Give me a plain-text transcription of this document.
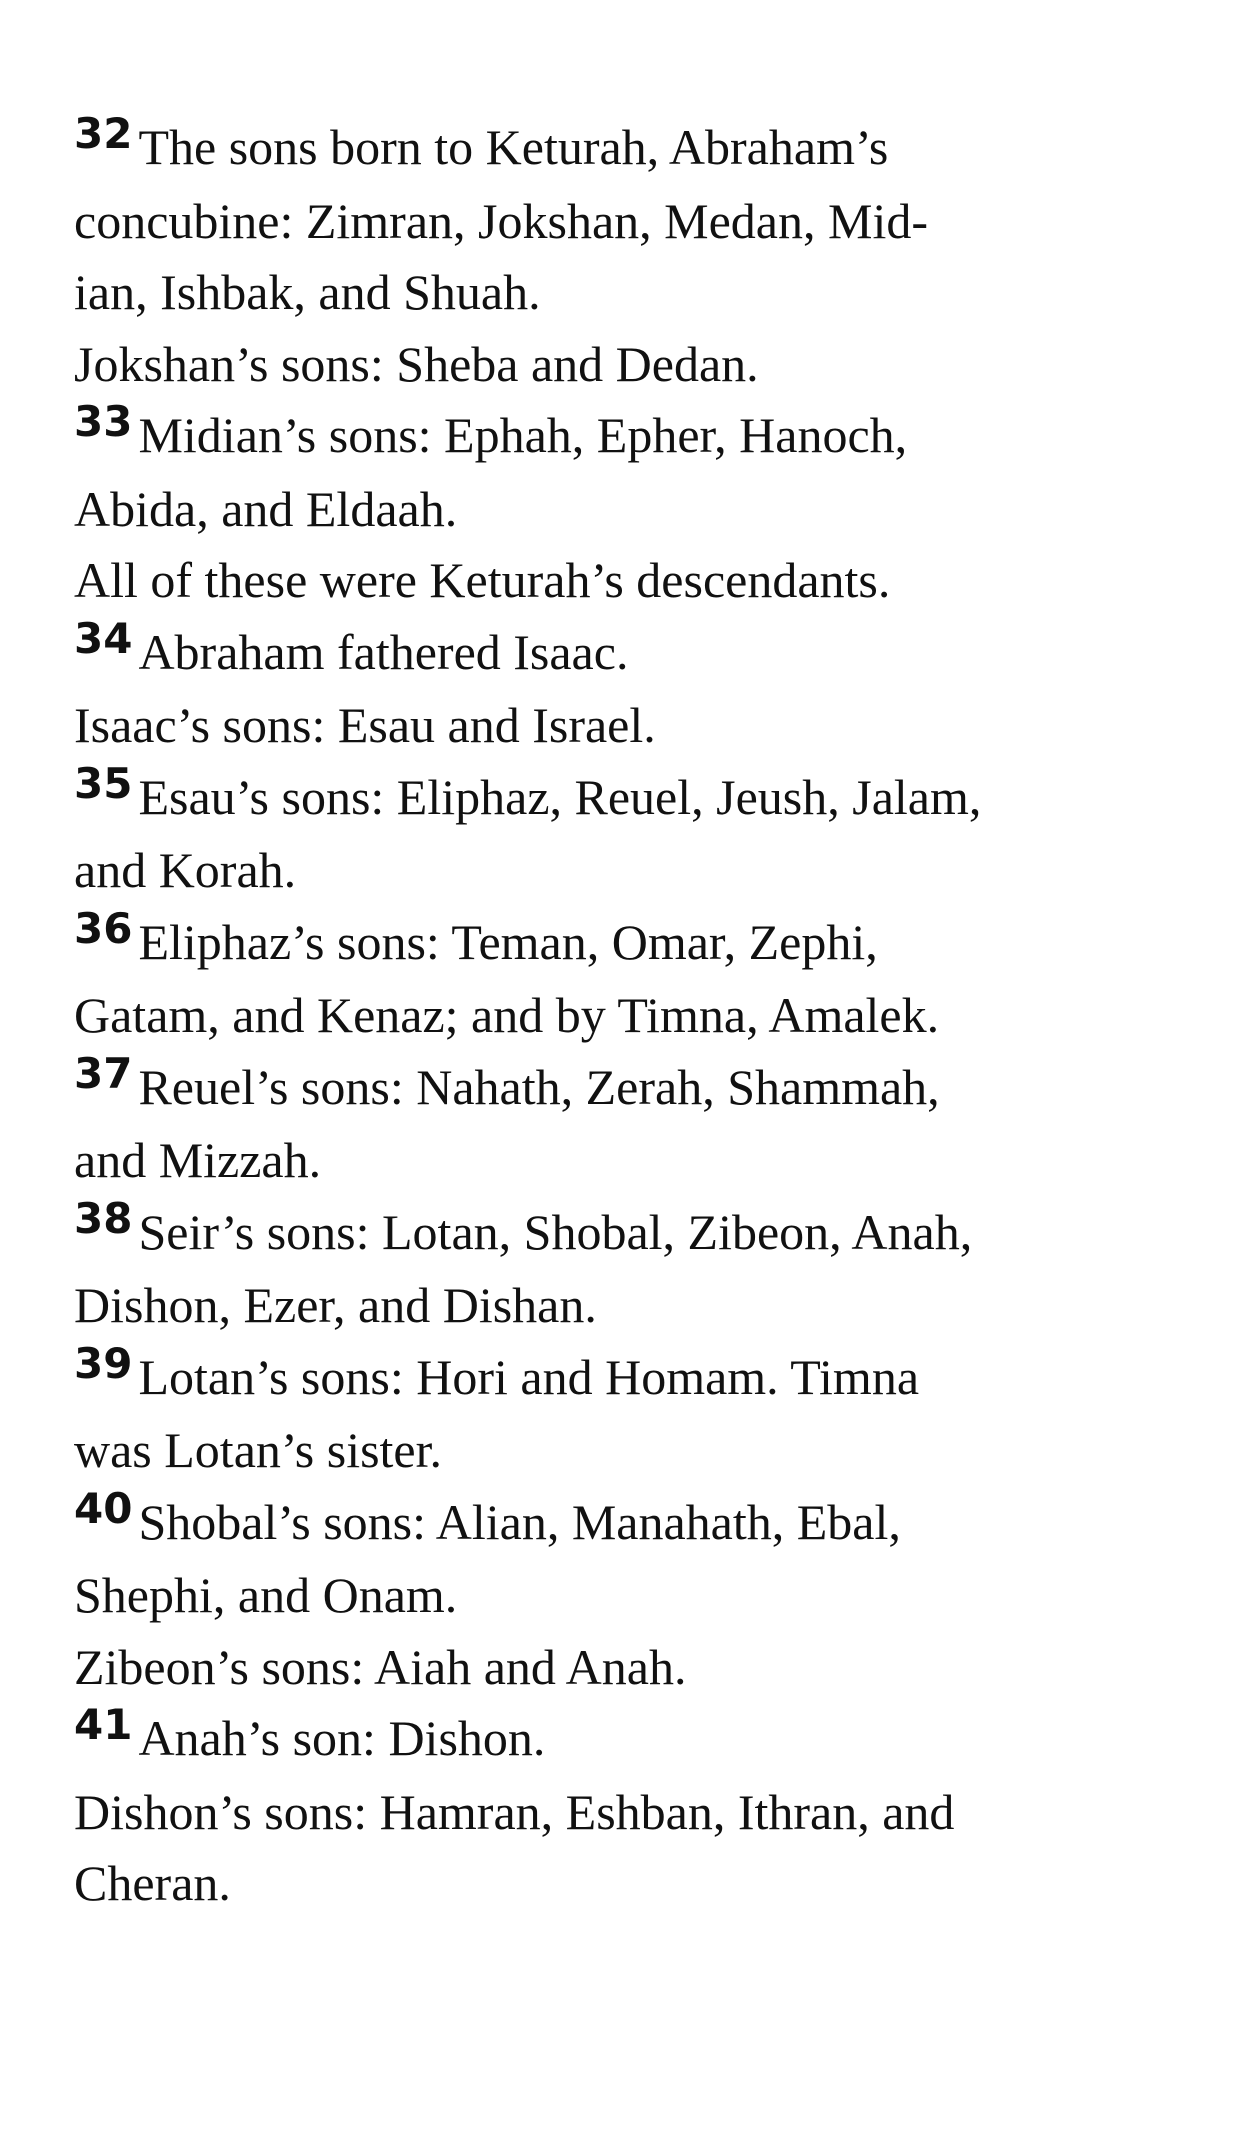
$^{32}$ The sons born to Keturah, Abraham’s
concubine: Zimran, Jokshan, Medan, Mid-
ian, Ishbak, and Shuah.
Jokshan’s sons: Sheba and Dedan.

$^{33}$ Midian’s sons: Ephah, Epher, Hanoch,
Abida, and Eldaah.
All of these were Keturah’s descendants.

$^{34}$ Abraham fathered Isaac.
Isaac’s sons: Esau and Israel.

$^{35}$ Esau’s sons: Eliphaz, Reuel, Jeush, Jalam,
and Korah.

$^{36}$ Eliphaz’s sons: Teman, Omar, Zephi,
Gatam, and Kenaz; and by Timna, Amalek.

$^{37}$ Reuel’s sons: Nahath, Zerah, Shammah,
and Mizzah.

$^{38}$ Seir’s sons: Lotan, Shobal, Zibeon, Anah,
Dishon, Ezer, and Dishan.

$^{39}$ Lotan’s sons: Hori and Homam. Timna
was Lotan’s sister.

$^{40}$ Shobal’s sons: Alian, Manahath, Ebal,
Shephi, and Onam.
Zibeon’s sons: Aiah and Anah.

$^{41}$ Anah’s son: Dishon.
Dishon’s sons: Hamran, Eshban, Ithran, and
Cheran.
